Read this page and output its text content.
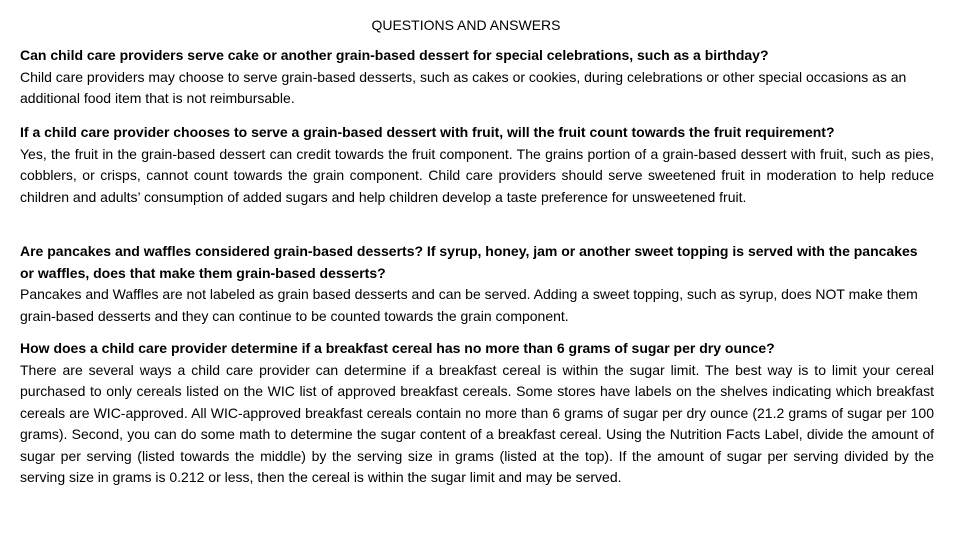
QUESTIONS AND ANSWERS
Can child care providers serve cake or another grain-based dessert for special celebrations, such as a birthday?
Child care providers may choose to serve grain-based desserts, such as cakes or cookies, during celebrations or other special occasions as an additional food item that is not reimbursable.
If a child care provider chooses to serve a grain-based dessert with fruit, will the fruit count towards the fruit requirement?
Yes, the fruit in the grain-based dessert can credit towards the fruit component. The grains portion of a grain-based dessert with fruit, such as pies, cobblers, or crisps, cannot count towards the grain component. Child care providers should serve sweetened fruit in moderation to help reduce children and adults’ consumption of added sugars and help children develop a taste preference for unsweetened fruit.
Are pancakes and waffles considered grain-based desserts? If syrup, honey, jam or another sweet topping is served with the pancakes or waffles, does that make them grain-based desserts?
Pancakes and Waffles are not labeled as grain based desserts and can be served. Adding a sweet topping, such as syrup, does NOT make them grain-based desserts and they can continue to be counted towards the grain component.
How does a child care provider determine if a breakfast cereal has no more than 6 grams of sugar per dry ounce?
There are several ways a child care provider can determine if a breakfast cereal is within the sugar limit. The best way is to limit your cereal purchased to only cereals listed on the WIC list of approved breakfast cereals. Some stores have labels on the shelves indicating which breakfast cereals are WIC-approved. All WIC-approved breakfast cereals contain no more than 6 grams of sugar per dry ounce (21.2 grams of sugar per 100 grams). Second, you can do some math to determine the sugar content of a breakfast cereal. Using the Nutrition Facts Label, divide the amount of sugar per serving (listed towards the middle) by the serving size in grams (listed at the top). If the amount of sugar per serving divided by the serving size in grams is 0.212 or less, then the cereal is within the sugar limit and may be served.
